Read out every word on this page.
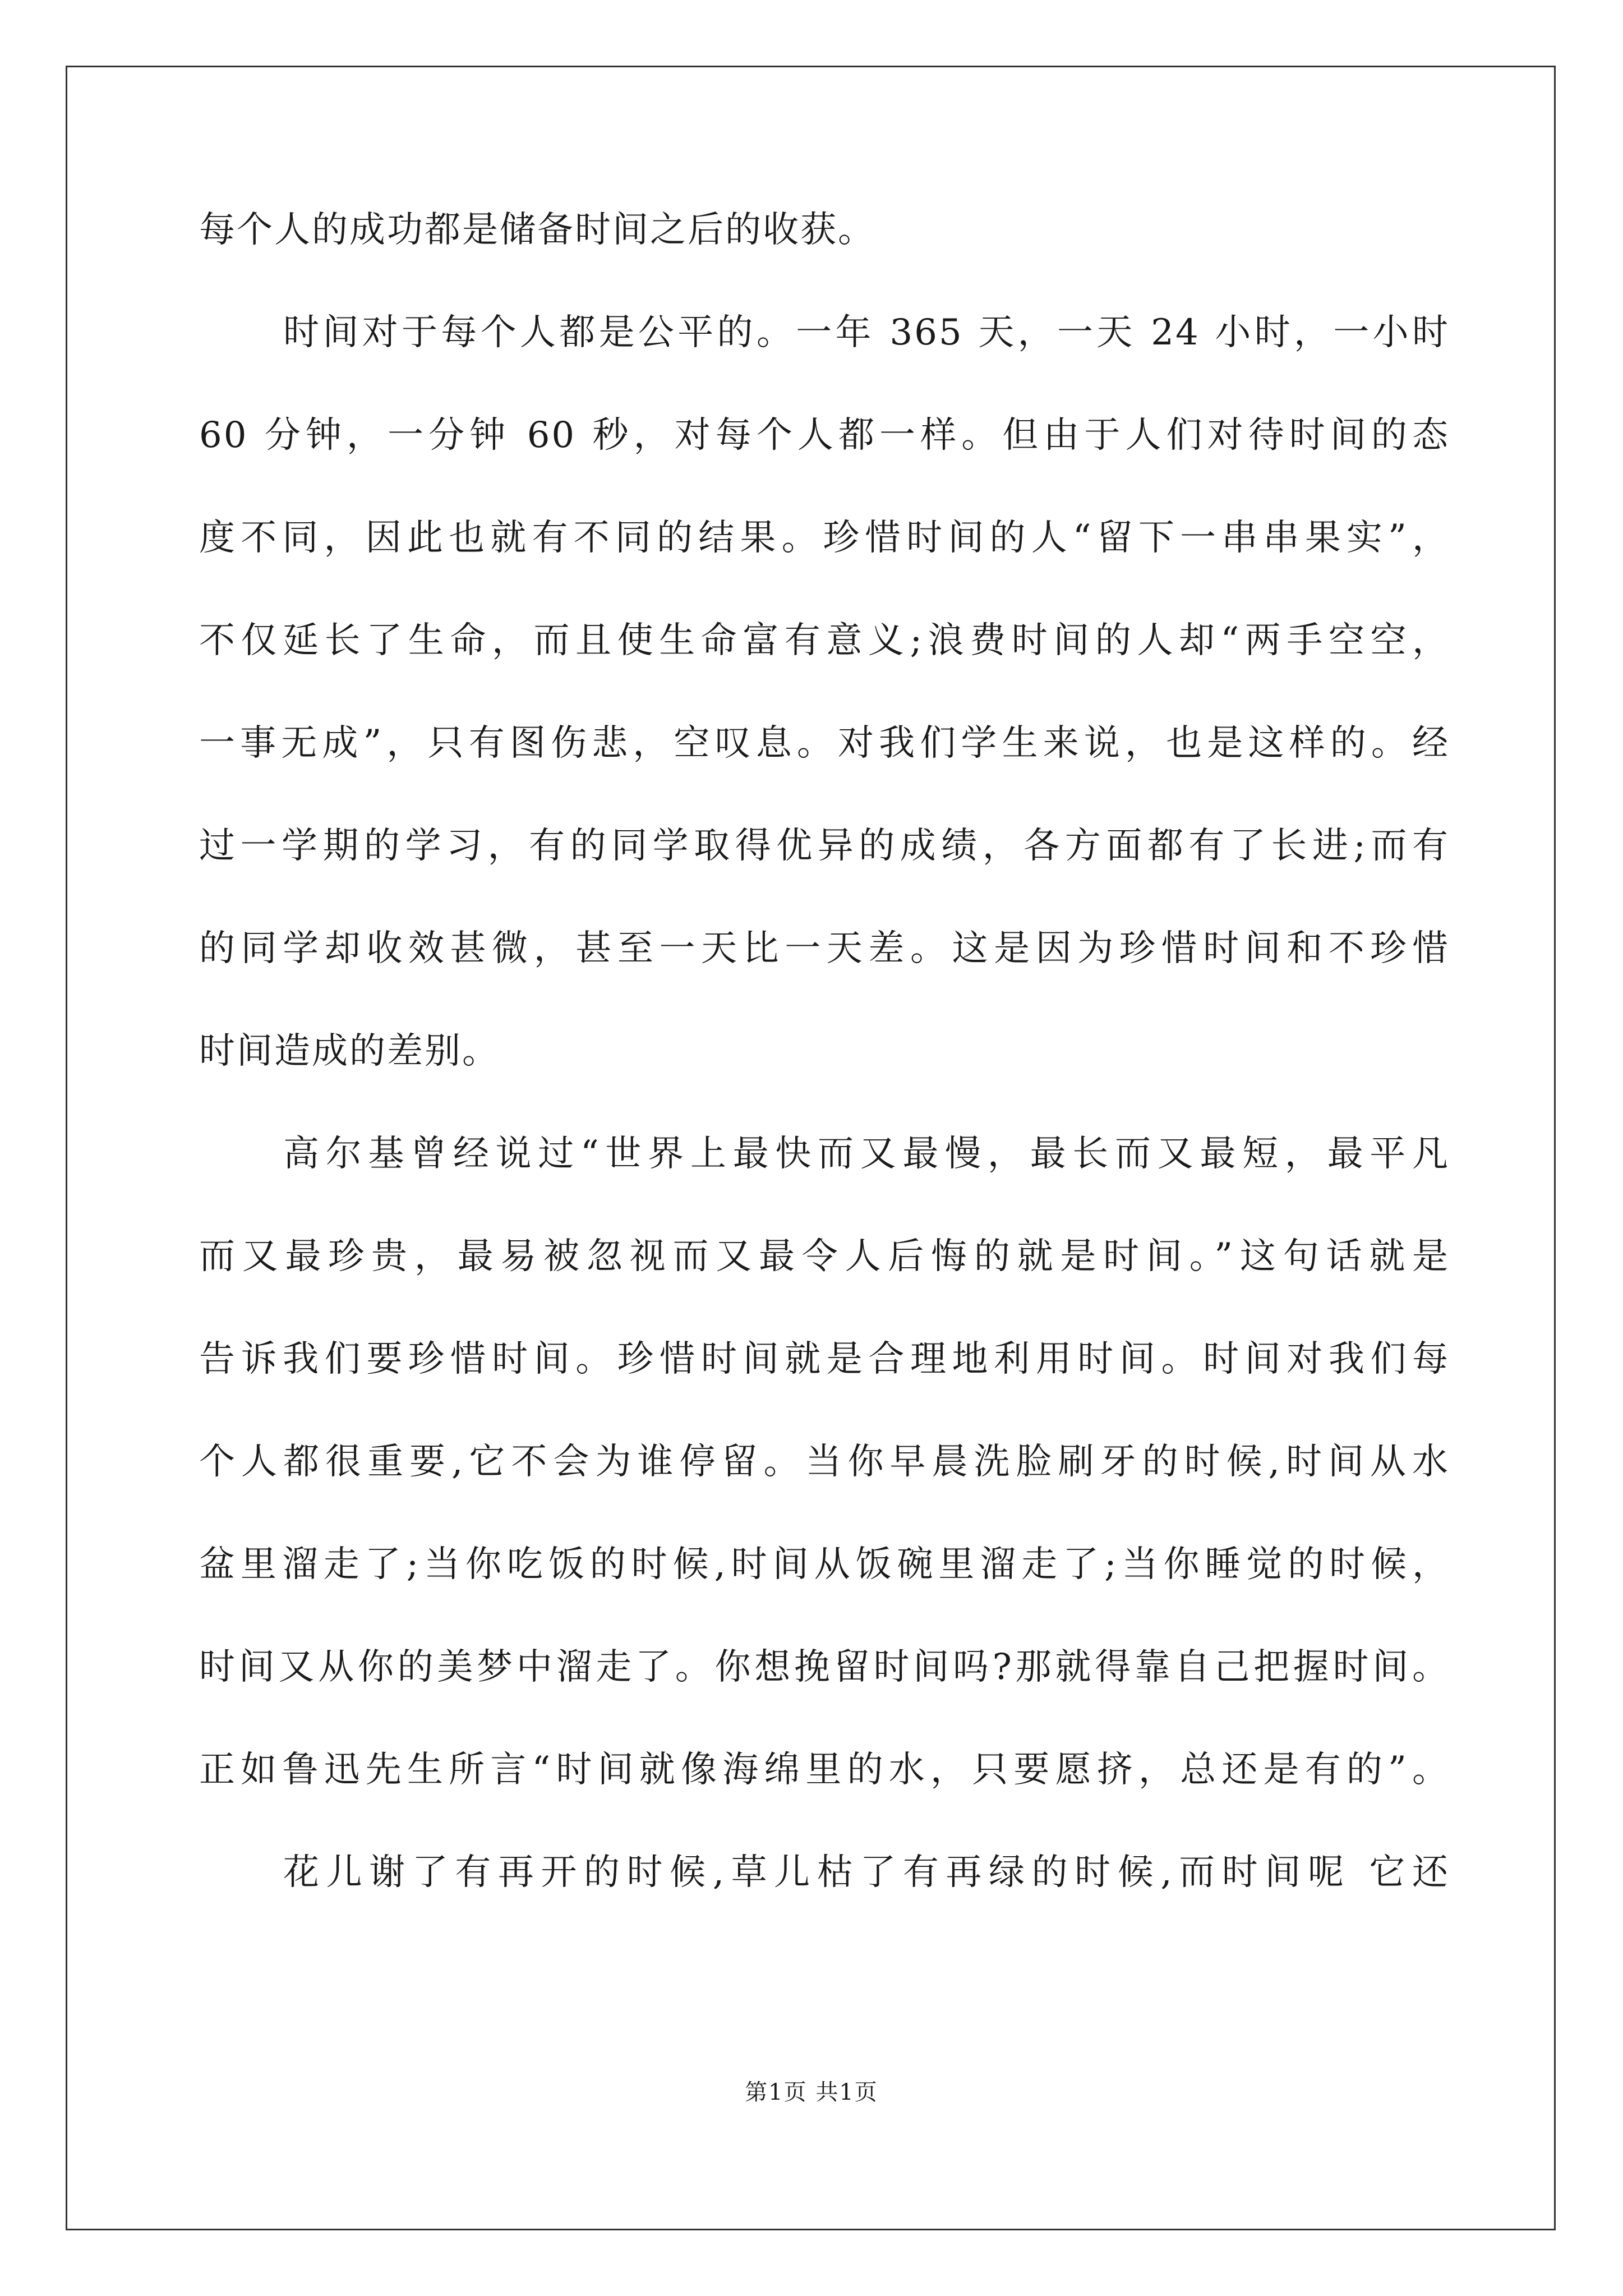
每个人的成功都是储备时间之后的收获。
时间对于每个人都是公平的。一年 365 天，一天 24 小时，一小时
60 分钟，一分钟 60 秒，对每个人都一样。但由于人们对待时间的态
度不同，因此也就有不同的结果。珍惜时间的人“留下一串串果实”，
不仅延长了生命，而且使生命富有意义;浪费时间的人却“两手空空，
一事无成”，只有图伤悲，空叹息。对我们学生来说，也是这样的。经
过一学期的学习，有的同学取得优异的成绩，各方面都有了长进;而有
的同学却收效甚微，甚至一天比一天差。这是因为珍惜时间和不珍惜
时间造成的差别。
高尔基曾经说过“世界上最快而又最慢，最长而又最短，最平凡
而又最珍贵，最易被忽视而又最令人后悔的就是时间。”这句话就是
告诉我们要珍惜时间。珍惜时间就是合理地利用时间。时间对我们每
个人都很重要,它不会为谁停留。当你早晨洗脸刷牙的时候,时间从水
盆里溜走了;当你吃饭的时候,时间从饭碗里溜走了;当你睡觉的时候，
时间又从你的美梦中溜走了。你想挽留时间吗?那就得靠自己把握时间。
正如鲁迅先生所言“时间就像海绵里的水，只要愿挤，总还是有的”。
花儿谢了有再开的时候,草儿枯了有再绿的时候,而时间呢 它还
第1页 共1页
